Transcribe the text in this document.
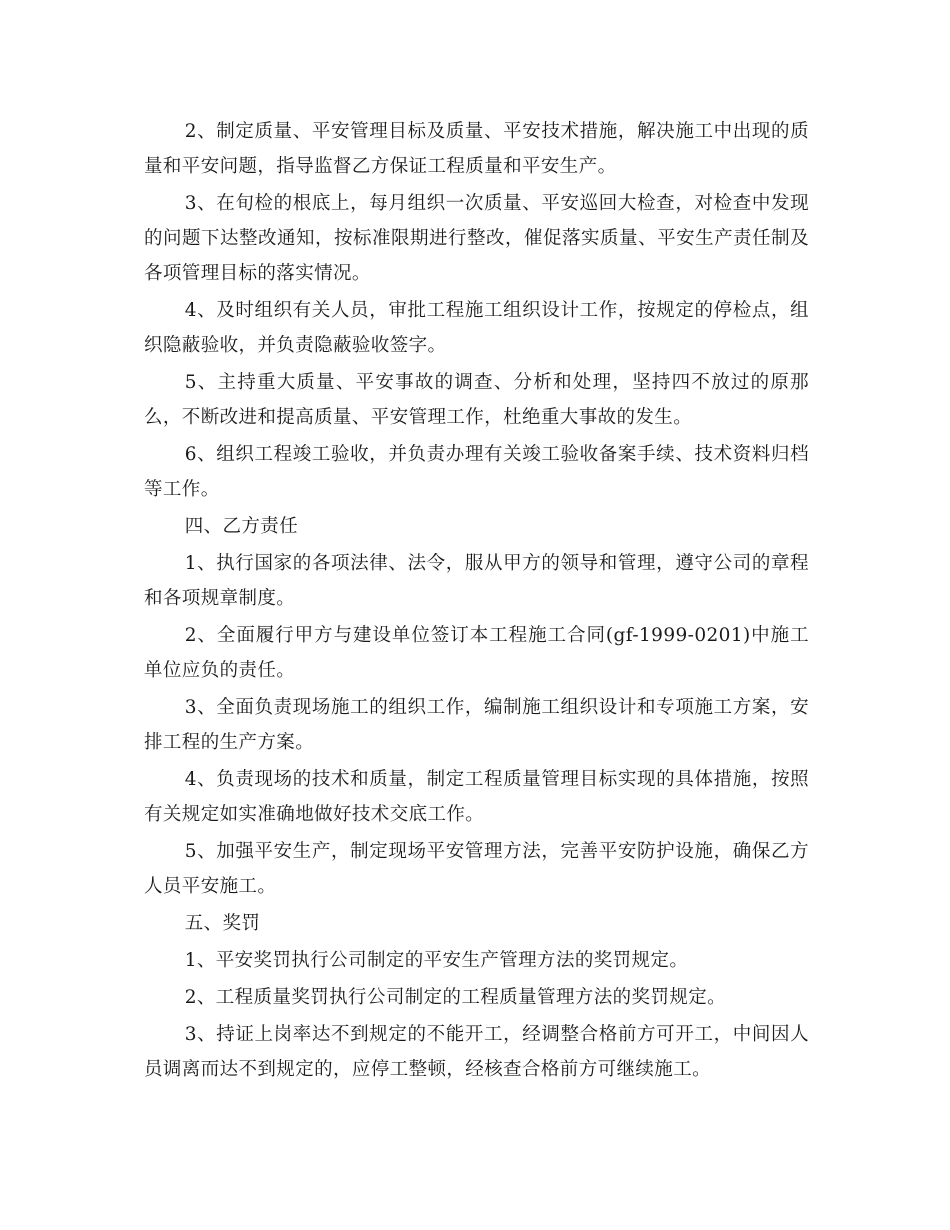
2、制定质量、平安管理目标及质量、平安技术措施，解决施工中出现的质量和平安问题，指导监督乙方保证工程质量和平安生产。

3、在旬检的根底上，每月组织一次质量、平安巡回大检查，对检查中发现的问题下达整改通知，按标准限期进行整改，催促落实质量、平安生产责任制及各项管理目标的落实情况。

4、及时组织有关人员，审批工程施工组织设计工作，按规定的停检点，组织隐蔽验收，并负责隐蔽验收签字。

5、主持重大质量、平安事故的调查、分析和处理，坚持四不放过的原那么，不断改进和提高质量、平安管理工作，杜绝重大事故的发生。

6、组织工程竣工验收，并负责办理有关竣工验收备案手续、技术资料归档等工作。

四、乙方责任

1、执行国家的各项法律、法令，服从甲方的领导和管理，遵守公司的章程和各项规章制度。

2、全面履行甲方与建设单位签订本工程施工合同(gf-1999-0201)中施工单位应负的责任。

3、全面负责现场施工的组织工作，编制施工组织设计和专项施工方案，安排工程的生产方案。

4、负责现场的技术和质量，制定工程质量管理目标实现的具体措施，按照有关规定如实准确地做好技术交底工作。

5、加强平安生产，制定现场平安管理方法，完善平安防护设施，确保乙方人员平安施工。

五、奖罚

1、平安奖罚执行公司制定的平安生产管理方法的奖罚规定。

2、工程质量奖罚执行公司制定的工程质量管理方法的奖罚规定。

3、持证上岗率达不到规定的不能开工，经调整合格前方可开工，中间因人员调离而达不到规定的，应停工整顿，经核查合格前方可继续施工。
